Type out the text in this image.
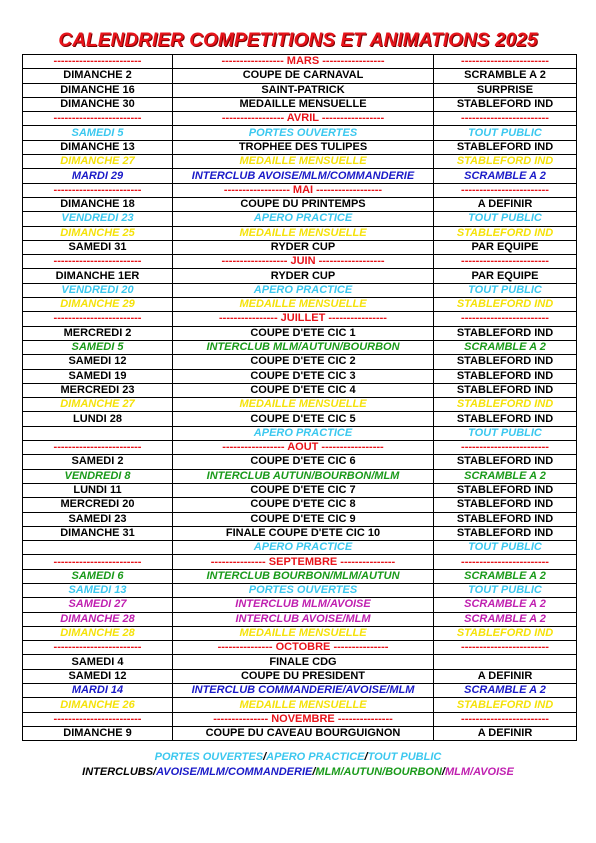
CALENDRIER COMPETITIONS ET ANIMATIONS 2025
------------------------	----------------- MARS -----------------	------------------------
DIMANCHE 2	COUPE DE CARNAVAL	SCRAMBLE A 2
DIMANCHE 16	SAINT-PATRICK	SURPRISE
DIMANCHE 30	MEDAILLE MENSUELLE	STABLEFORD IND
------------------------	----------------- AVRIL -----------------	------------------------
SAMEDI 5	PORTES OUVERTES	TOUT PUBLIC
DIMANCHE 13	TROPHEE DES TULIPES	STABLEFORD IND
DIMANCHE 27	MEDAILLE MENSUELLE	STABLEFORD IND
MARDI 29	INTERCLUB AVOISE/MLM/COMMANDERIE	SCRAMBLE A 2
------------------------	------------------ MAI ------------------	------------------------
DIMANCHE 18	COUPE DU PRINTEMPS	A DEFINIR
VENDREDI 23	APERO PRACTICE	TOUT PUBLIC
DIMANCHE 25	MEDAILLE MENSUELLE	STABLEFORD IND
SAMEDI 31	RYDER CUP	PAR EQUIPE
------------------------	------------------ JUIN ------------------	------------------------
DIMANCHE 1ER	RYDER CUP	PAR EQUIPE
VENDREDI 20	APERO PRACTICE	TOUT PUBLIC
DIMANCHE 29	MEDAILLE MENSUELLE	STABLEFORD IND
------------------------	---------------- JUILLET ----------------	------------------------
MERCREDI 2	COUPE D'ETE CIC 1	STABLEFORD IND
SAMEDI 5	INTERCLUB MLM/AUTUN/BOURBON	SCRAMBLE A 2
SAMEDI 12	COUPE D'ETE CIC 2	STABLEFORD IND
SAMEDI 19	COUPE D'ETE CIC 3	STABLEFORD IND
MERCREDI 23	COUPE D'ETE CIC 4	STABLEFORD IND
DIMANCHE 27	MEDAILLE MENSUELLE	STABLEFORD IND
LUNDI 28	COUPE D'ETE CIC 5	STABLEFORD IND
	APERO PRACTICE	TOUT PUBLIC
------------------------	----------------- AOUT -----------------	------------------------
SAMEDI 2	COUPE D'ETE CIC 6	STABLEFORD IND
VENDREDI 8	INTERCLUB AUTUN/BOURBON/MLM	SCRAMBLE A 2
LUNDI 11	COUPE D'ETE CIC 7	STABLEFORD IND
MERCREDI 20	COUPE D'ETE CIC 8	STABLEFORD IND
SAMEDI 23	COUPE D'ETE CIC 9	STABLEFORD IND
DIMANCHE 31	FINALE COUPE D'ETE CIC 10	STABLEFORD IND
	APERO PRACTICE	TOUT PUBLIC
------------------------	--------------- SEPTEMBRE ---------------	------------------------
SAMEDI 6	INTERCLUB BOURBON/MLM/AUTUN	SCRAMBLE A 2
SAMEDI 13	PORTES OUVERTES	TOUT PUBLIC
SAMEDI 27	INTERCLUB MLM/AVOISE	SCRAMBLE A 2
DIMANCHE 28	INTERCLUB AVOISE/MLM	SCRAMBLE A 2
DIMANCHE 28	MEDAILLE MENSUELLE	STABLEFORD IND
------------------------	--------------- OCTOBRE ---------------	------------------------
SAMEDI 4	FINALE CDG	
SAMEDI 12	COUPE DU PRESIDENT	A DEFINIR
MARDI 14	INTERCLUB COMMANDERIE/AVOISE/MLM	SCRAMBLE A 2
DIMANCHE 26	MEDAILLE MENSUELLE	STABLEFORD IND
------------------------	--------------- NOVEMBRE ---------------	------------------------
DIMANCHE 9	COUPE DU CAVEAU BOURGUIGNON	A DEFINIR
PORTES OUVERTES/APERO PRACTICE/TOUT PUBLIC
INTERCLUBS/AVOISE/MLM/COMMANDERIE/MLM/AUTUN/BOURBON/MLM/AVOISE
